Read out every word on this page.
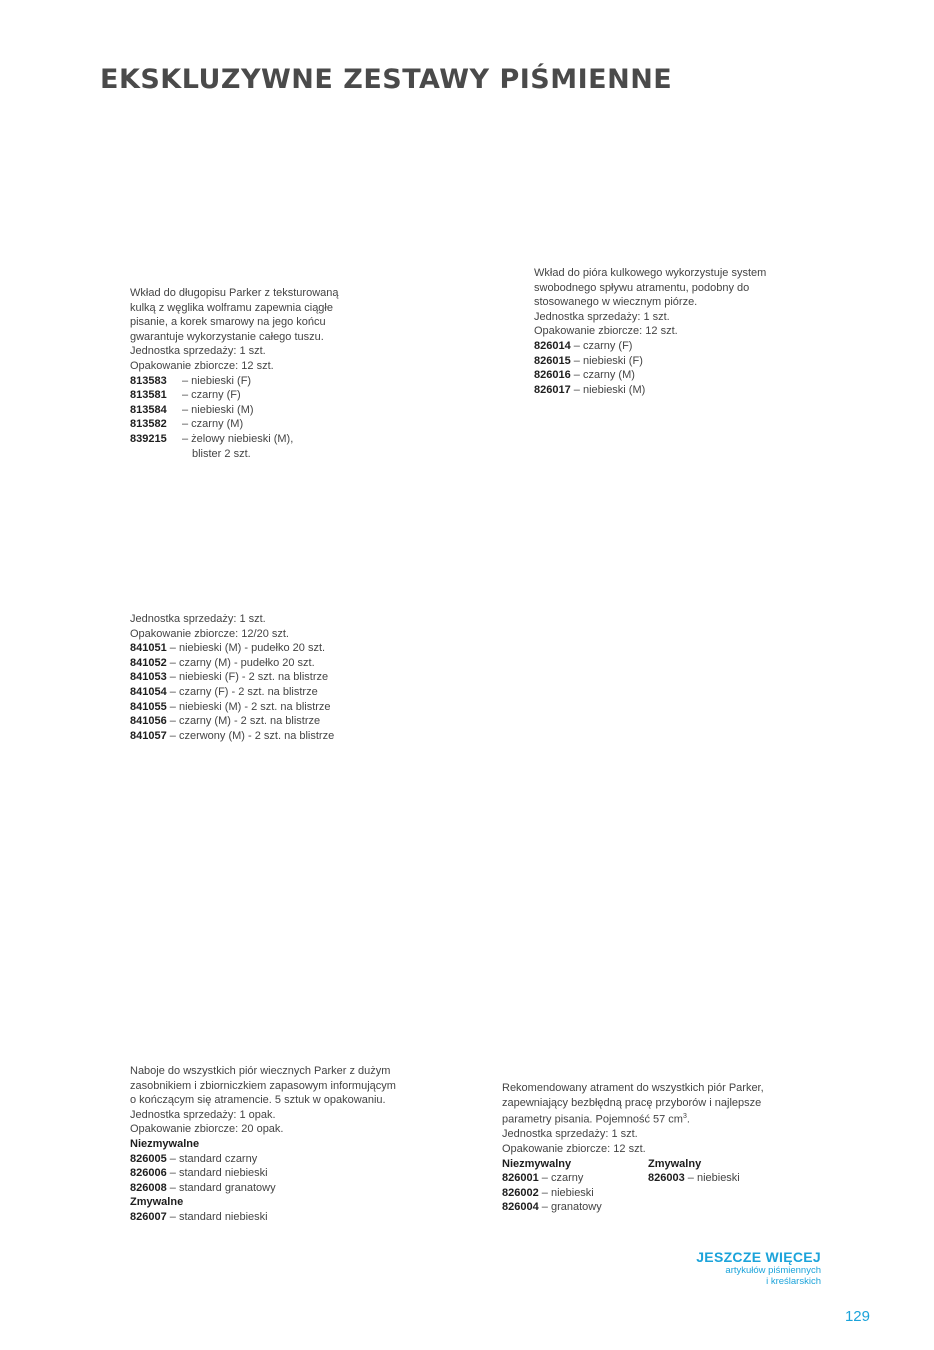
EKSKLUZYWNE ZESTAWY PIŚMIENNE

Wkład do długopisu Parker z teksturowaną

kulką z węglika wolframu zapewnia ciągłe

pisanie, a korek smarowy na jego końcu

gwarantuje wykorzystanie całego tuszu.

Jednostka sprzedaży: 1 szt.

Opakowanie zbiorcze: 12 szt.

813583	– niebieski (F)
813581	– czarny (F)
813584	– niebieski (M)
813582	– czarny (M)
839215	– żelowy niebieski (M),
blister 2 szt.

Wkład do pióra kulkowego wykorzystuje system

swobodnego spływu atramentu, podobny do

stosowanego w wiecznym piórze.

Jednostka sprzedaży: 1 szt.

Opakowanie zbiorcze: 12 szt.

826014 – czarny (F)

826015 – niebieski (F)

826016 – czarny (M)

826017 – niebieski (M)

Jednostka sprzedaży: 1 szt.

Opakowanie zbiorcze: 12/20 szt.

841051 – niebieski (M) - pudełko 20 szt.

841052 – czarny (M) - pudełko 20 szt.

841053 – niebieski (F) - 2 szt. na blistrze

841054 – czarny (F) - 2 szt. na blistrze

841055 – niebieski (M) - 2 szt. na blistrze

841056 – czarny (M) - 2 szt. na blistrze

841057 – czerwony (M) - 2 szt. na blistrze

Naboje do wszystkich piór wiecznych Parker z dużym

zasobnikiem i zbiorniczkiem zapasowym informującym

o kończącym się atramencie. 5 sztuk w opakowaniu.

Jednostka sprzedaży: 1 opak.

Opakowanie zbiorcze: 20 opak.

Niezmywalne

826005 – standard czarny

826006 – standard niebieski

826008 – standard granatowy

Zmywalne

826007 – standard niebieski

Rekomendowany atrament do wszystkich piór Parker,

zapewniający bezbłędną pracę przyborów i najlepsze

parametry pisania. Pojemność 57 $cm^3$.

Jednostka sprzedaży: 1 szt.

Opakowanie zbiorcze: 12 szt.

Niezmywalny

826001 – czarny

826002 – niebieski

826004 – granatowy

Zmywalny

826003 – niebieski

JESZCZE WIĘCEJ
artykułów piśmiennych
i kreślarskich
129
